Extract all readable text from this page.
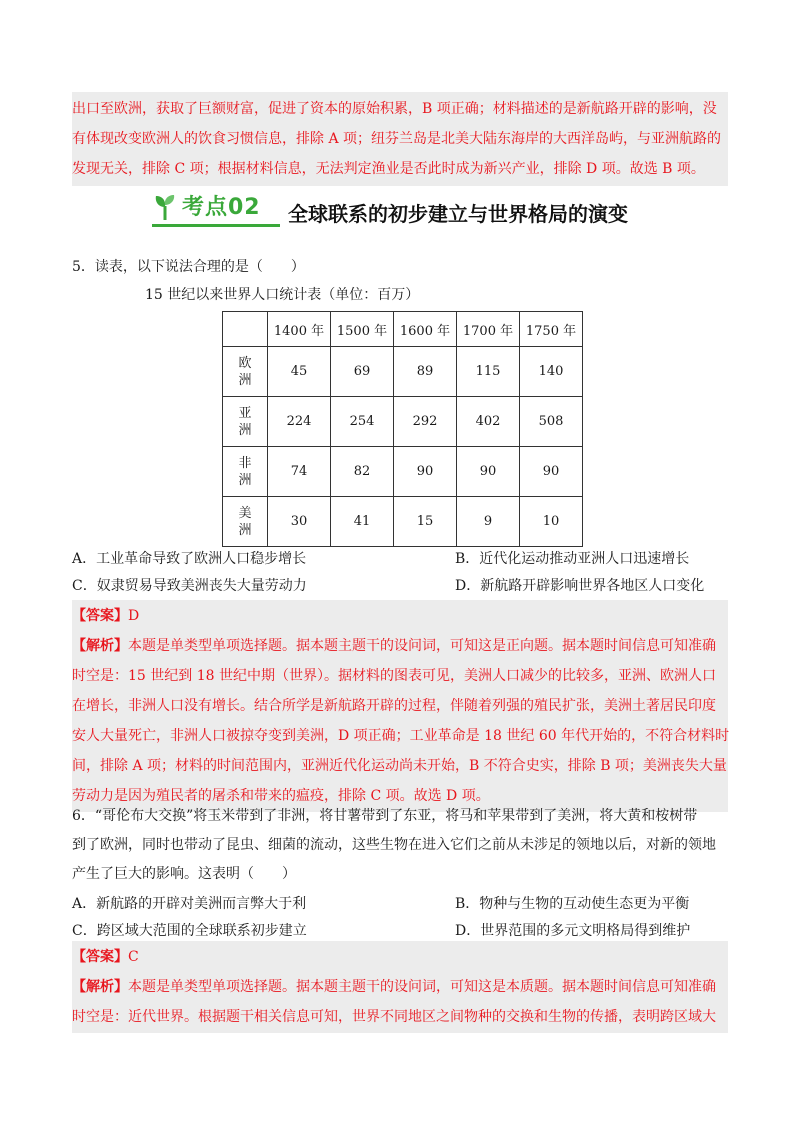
出口至欧洲，获取了巨额财富，促进了资本的原始积累，B 项正确；材料描述的是新航路开辟的影响，没

有体现改变欧洲人的饮食习惯信息，排除 A 项；纽芬兰岛是北美大陆东海岸的大西洋岛屿，与亚洲航路的

发现无关，排除 C 项；根据材料信息，无法判定渔业是否此时成为新兴产业，排除 D 项。故选 B 项。

考点02 全球联系的初步建立与世界格局的演变

5．读表，以下说法合理的是（　　）

15 世纪以来世界人口统计表（单位：百万）
	1400 年	1500 年	1600 年	1700 年	1750 年
欧
洲	45	69	89	115	140
亚
洲	224	254	292	402	508
非
洲	74	82	90	90	90
美
洲	30	41	15	9	10
A．工业革命导致了欧洲人口稳步增长	B．近代化运动推动亚洲人口迅速增长
C．奴隶贸易导致美洲丧失大量劳动力	D．新航路开辟影响世界各地区人口变化

【答案】D

【解析】本题是单类型单项选择题。据本题主题干的设问词，可知这是正向题。据本题时间信息可知准确

时空是：15 世纪到 18 世纪中期（世界）。据材料的图表可见，美洲人口减少的比较多，亚洲、欧洲人口

在增长，非洲人口没有增长。结合所学是新航路开辟的过程，伴随着列强的殖民扩张，美洲土著居民印度

安人大量死亡，非洲人口被掠夺变到美洲，D 项正确；工业革命是 18 世纪 60 年代开始的，不符合材料时

间，排除 A 项；材料的时间范围内，亚洲近代化运动尚未开始，B 不符合史实，排除 B 项；美洲丧失大量

劳动力是因为殖民者的屠杀和带来的瘟疫，排除 C 项。故选 D 项。

6．“哥伦布大交换”将玉米带到了非洲，将甘薯带到了东亚，将马和苹果带到了美洲，将大黄和桉树带

到了欧洲，同时也带动了昆虫、细菌的流动，这些生物在进入它们之前从未涉足的领地以后，对新的领地

产生了巨大的影响。这表明（　　）

A．新航路的开辟对美洲而言弊大于利	B．物种与生物的互动使生态更为平衡
C．跨区域大范围的全球联系初步建立	D．世界范围的多元文明格局得到维护

【答案】C

【解析】本题是单类型单项选择题。据本题主题干的设问词，可知这是本质题。据本题时间信息可知准确

时空是：近代世界。根据题干相关信息可知，世界不同地区之间物种的交换和生物的传播，表明跨区域大
